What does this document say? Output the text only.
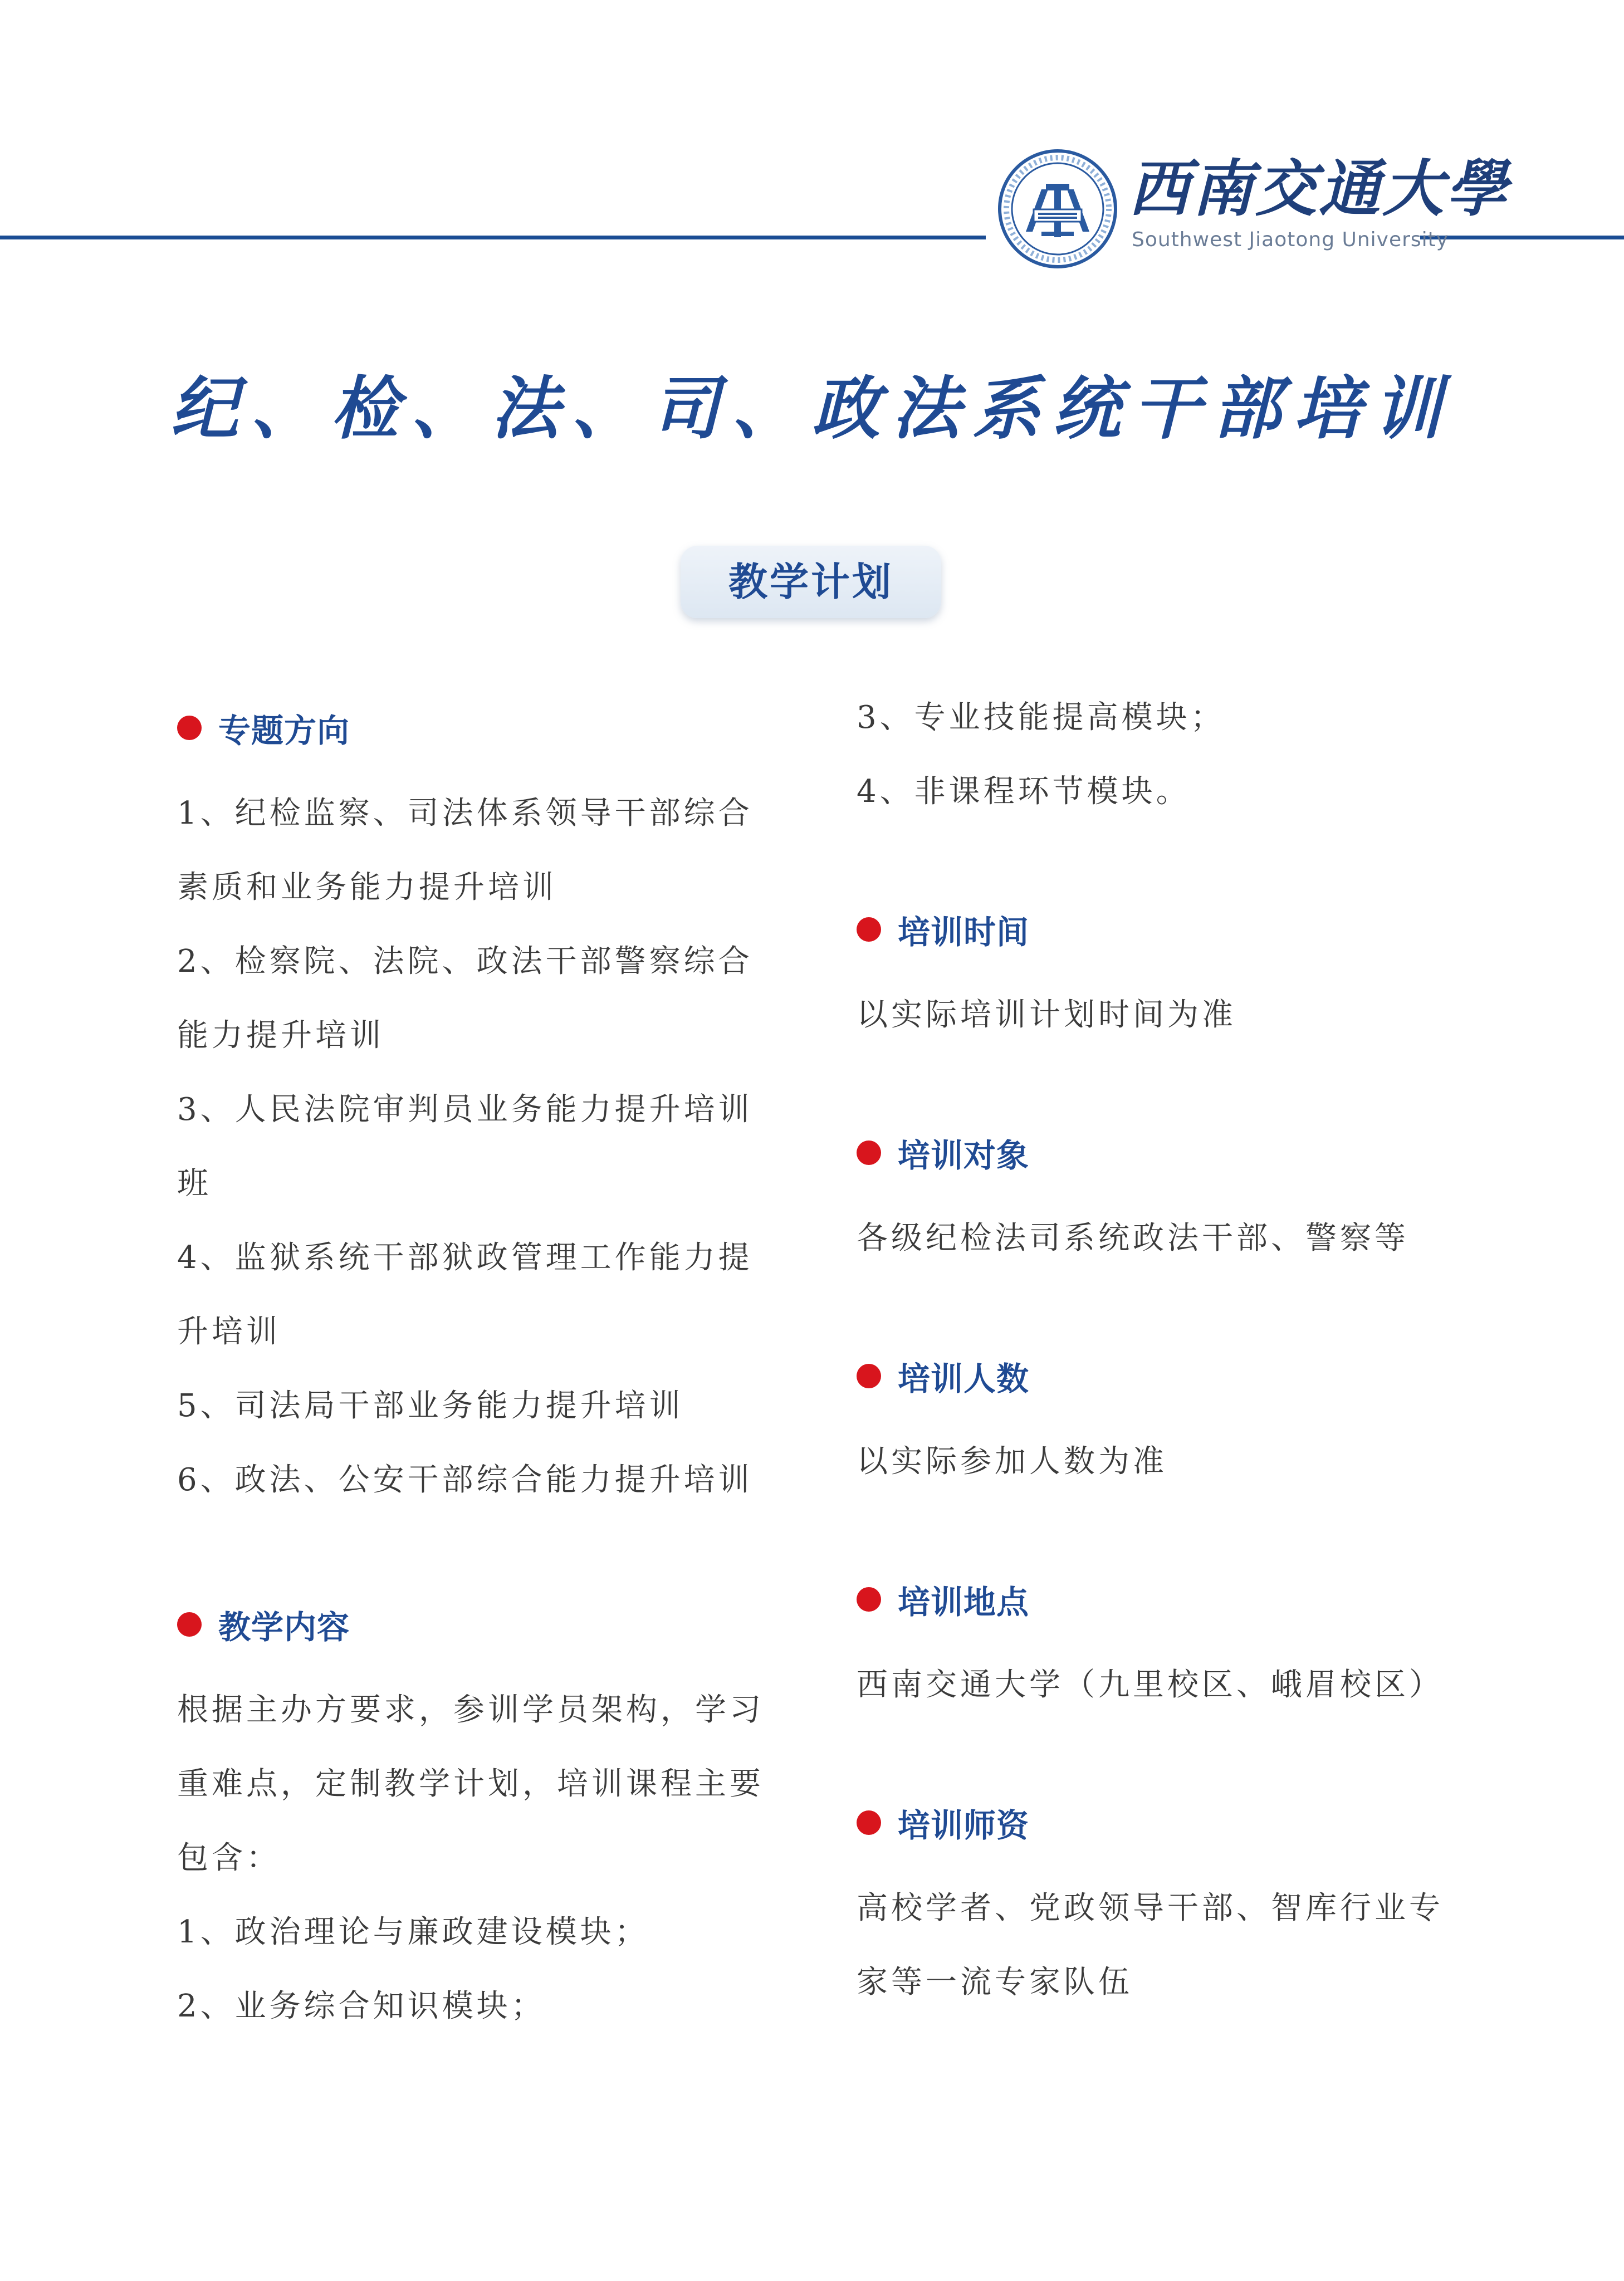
西南交通大學
Southwest Jiaotong University
纪、检、法、司、政法系统干部培训
教学计划
专题方向
1、纪检监察、司法体系领导干部综合
素质和业务能力提升培训
2、检察院、法院、政法干部警察综合
能力提升培训
3、人民法院审判员业务能力提升培训
班
4、监狱系统干部狱政管理工作能力提
升培训
5、司法局干部业务能力提升培训
6、政法、公安干部综合能力提升培训
教学内容
根据主办方要求，参训学员架构，学习
重难点，定制教学计划，培训课程主要
包含：
1、政治理论与廉政建设模块；
2、业务综合知识模块；
3、专业技能提高模块；
4、非课程环节模块。
培训时间
以实际培训计划时间为准
培训对象
各级纪检法司系统政法干部、警察等
培训人数
以实际参加人数为准
培训地点
西南交通大学（九里校区、峨眉校区）
培训师资
高校学者、党政领导干部、智库行业专
家等一流专家队伍
